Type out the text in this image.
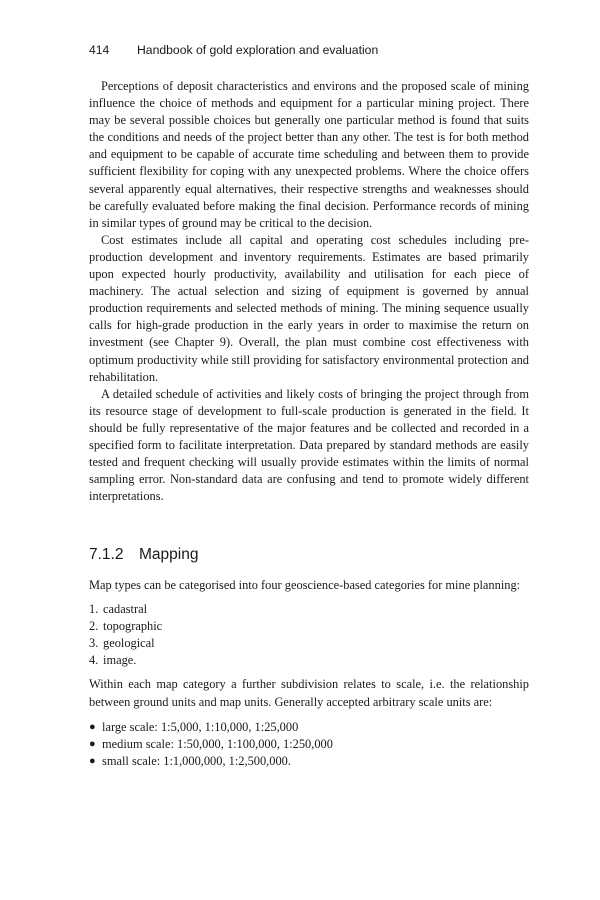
414 Handbook of gold exploration and evaluation

Perceptions of deposit characteristics and environs and the proposed scale of mining influence the choice of methods and equipment for a particular mining project. There may be several possible choices but generally one particular method is found that suits the conditions and needs of the project better than any other. The test is for both method and equipment to be capable of accurate time scheduling and between them to provide sufficient flexibility for coping with any unexpected problems. Where the choice offers several apparently equal alternatives, their respective strengths and weaknesses should be carefully evaluated before making the final decision. Performance records of mining in similar types of ground may be critical to the decision.

Cost estimates include all capital and operating cost schedules including pre-production development and inventory requirements. Estimates are based primarily upon expected hourly productivity, availability and utilisation for each piece of machinery. The actual selection and sizing of equipment is governed by annual production requirements and selected methods of mining. The mining sequence usually calls for high-grade production in the early years in order to maximise the return on investment (see Chapter 9). Overall, the plan must combine cost effectiveness with optimum productivity while still providing for satisfactory environmental protection and rehabilitation.

A detailed schedule of activities and likely costs of bringing the project through from its resource stage of development to full-scale production is generated in the field. It should be fully representative of the major features and be collected and recorded in a specified form to facilitate interpretation. Data prepared by standard methods are easily tested and frequent checking will usually provide estimates within the limits of normal sampling error. Non-standard data are confusing and tend to promote widely different interpretations.

7.1.2 Mapping

Map types can be categorised into four geoscience-based categories for mine planning:

1. cadastral
2. topographic
3. geological
4. image.

Within each map category a further subdivision relates to scale, i.e. the relationship between ground units and map units. Generally accepted arbitrary scale units are:

● large scale: 1:5,000, 1:10,000, 1:25,000
● medium scale: 1:50,000, 1:100,000, 1:250,000
● small scale: 1:1,000,000, 1:2,500,000.
